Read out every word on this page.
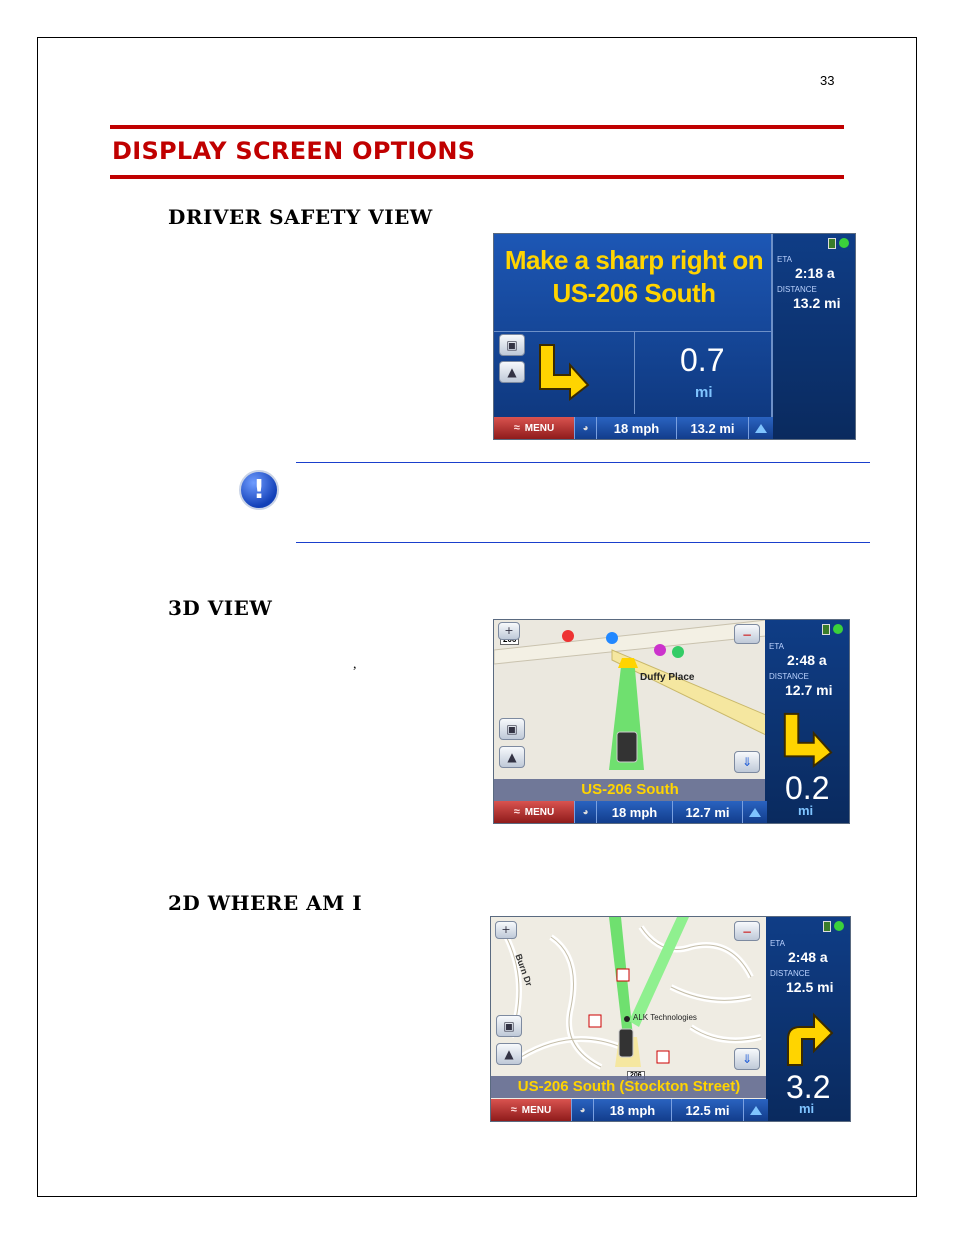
33
DISPLAY SCREEN OPTIONS
DRIVER SAFETY VIEW
Make a sharp right on US-206 South
▣
▲	0.7
mi
ETA
2:18 a
DISTANCE
13.2 mi
≈ MENU	◕	18 mph	13.2 mi
!
3D VIEW
,
Duffy Place
+	−
▣
▲	⇓
US-206 South
ETA
2:48 a
DISTANCE
12.7 mi
0.2
mi
≈ MENU	◕	18 mph	12.7 mi
2D WHERE AM I
ALK Technologies
Burn Dr
+	−
▣
▲	⇓
US-206 South (Stockton Street)
ETA
2:48 a
DISTANCE
12.5 mi
3.2
mi
≈ MENU	◕	18 mph	12.5 mi
